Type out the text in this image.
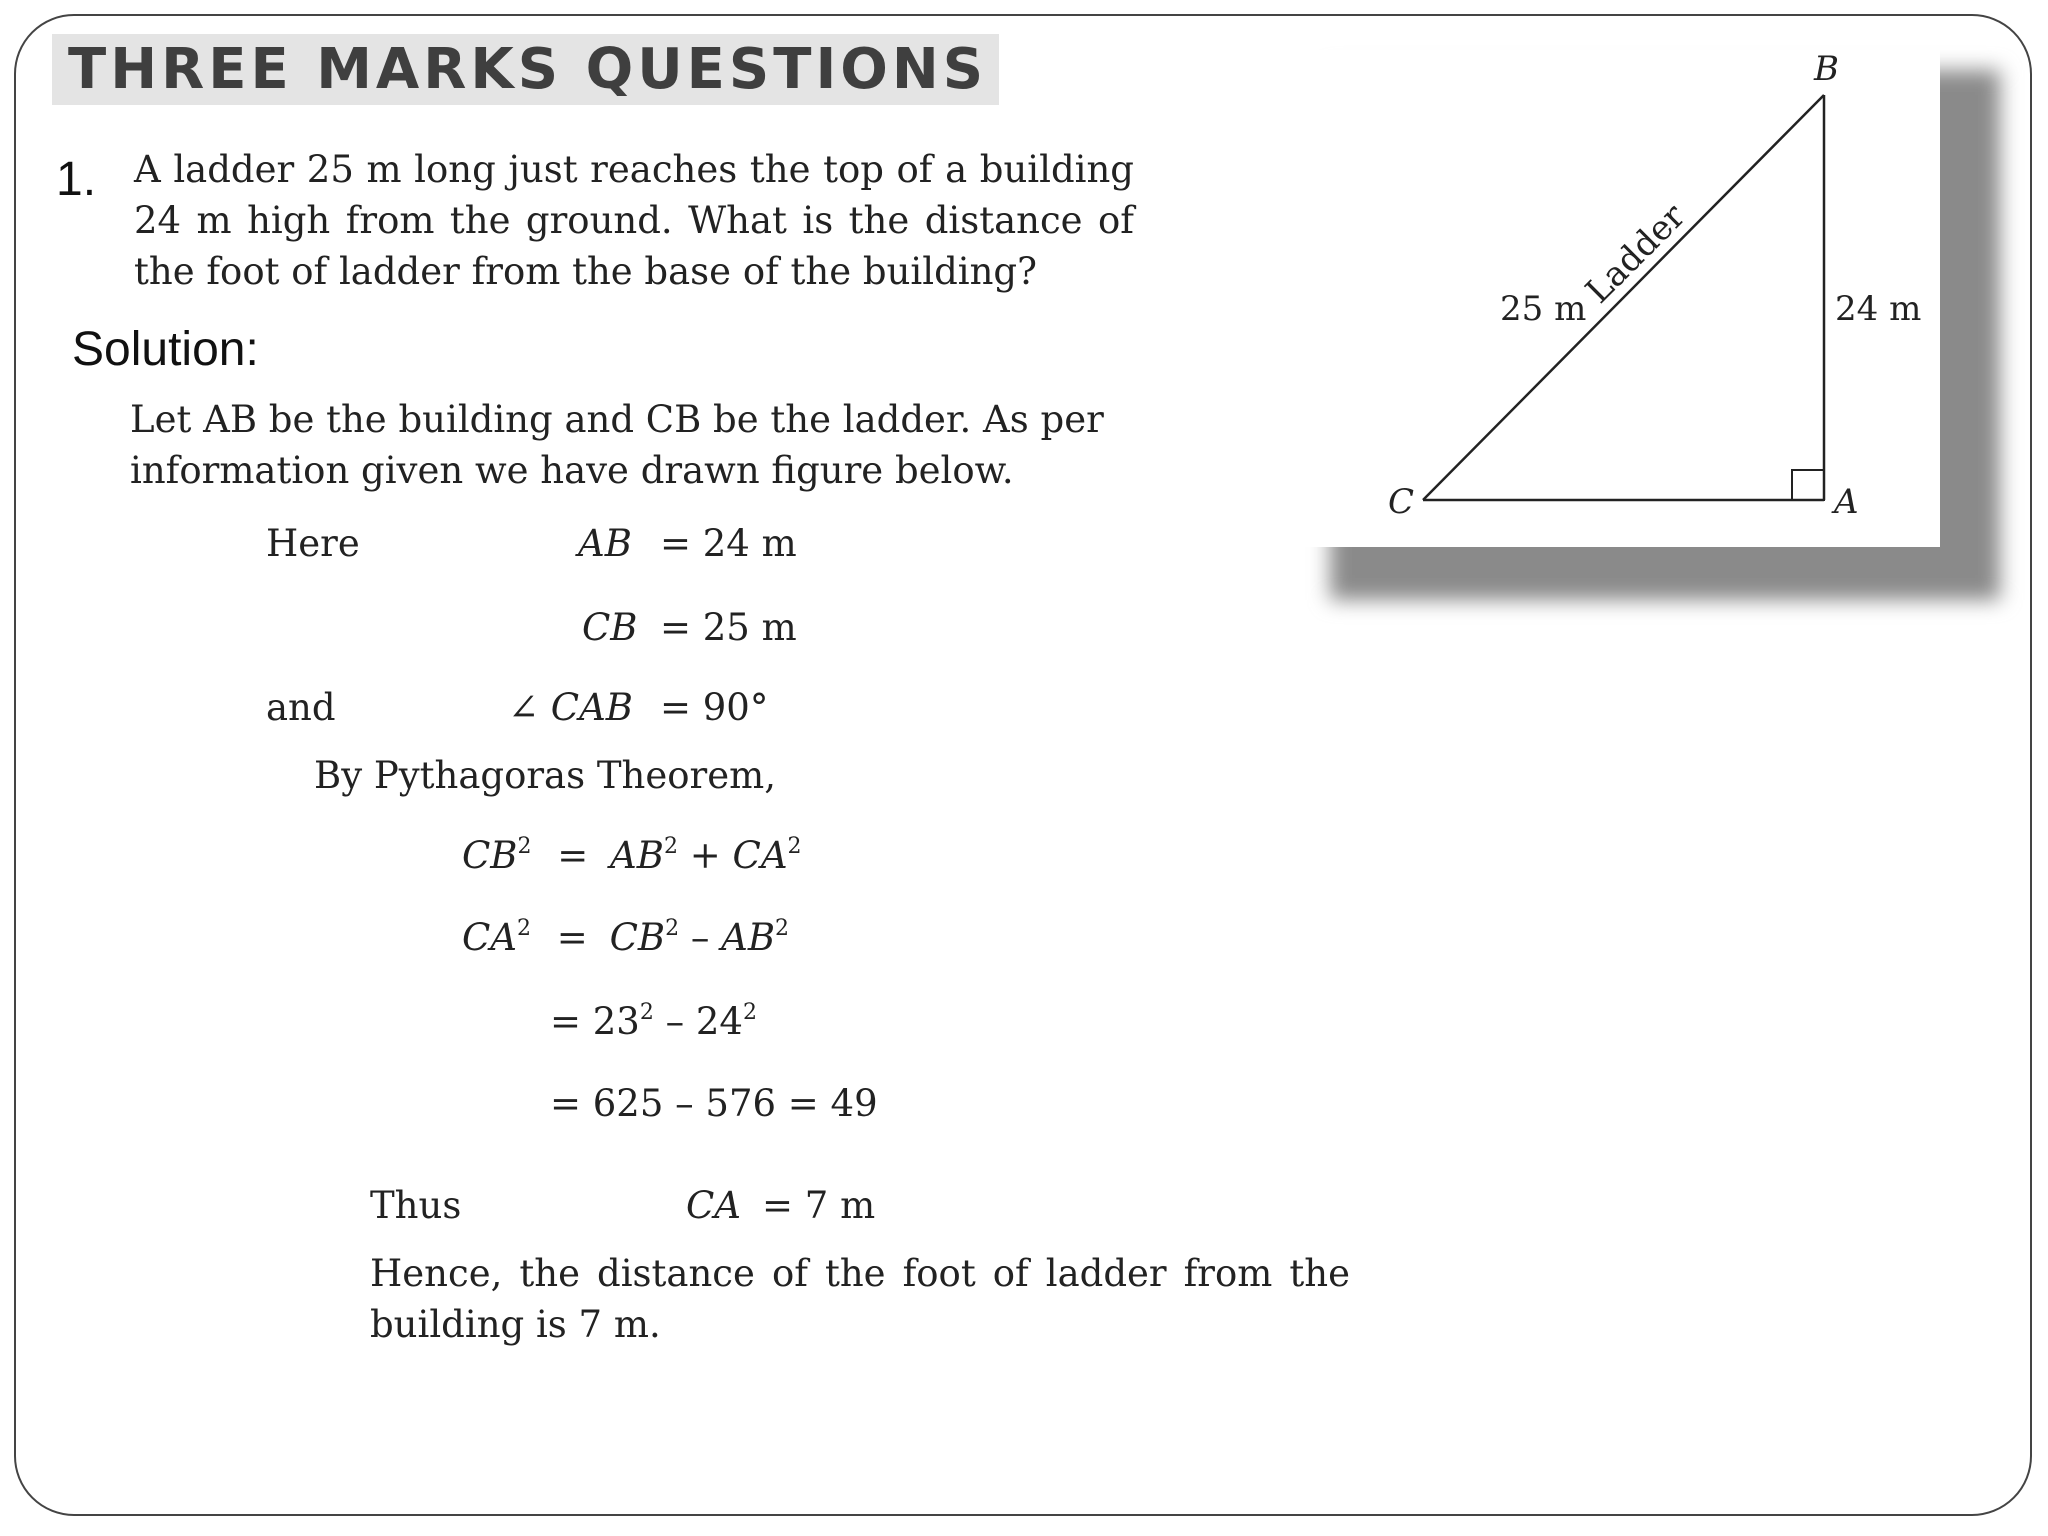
THREE MARKS QUESTIONS
1. A ladder 25 m long just reaches the top of a building
24 m high from the ground. What is the distance of
the foot of ladder from the base of the building?
Solution:
Let AB be the building and CB be the ladder. As per
information given we have drawn figure below.
Here	AB = 24 m
CB = 25 m
and	∠ CAB = 90°
By Pythagoras Theorem,
$CB^2 = AB^2 + CA^2$
$CA^2 = CB^2 - AB^2$
= $23^2 - 24^2$
= 625 – 576 = 49
Thus	CA = 7 m
Hence, the distance of the foot of ladder from the
building is 7 m.
B
C	A
25 m	24 m
Ladder
